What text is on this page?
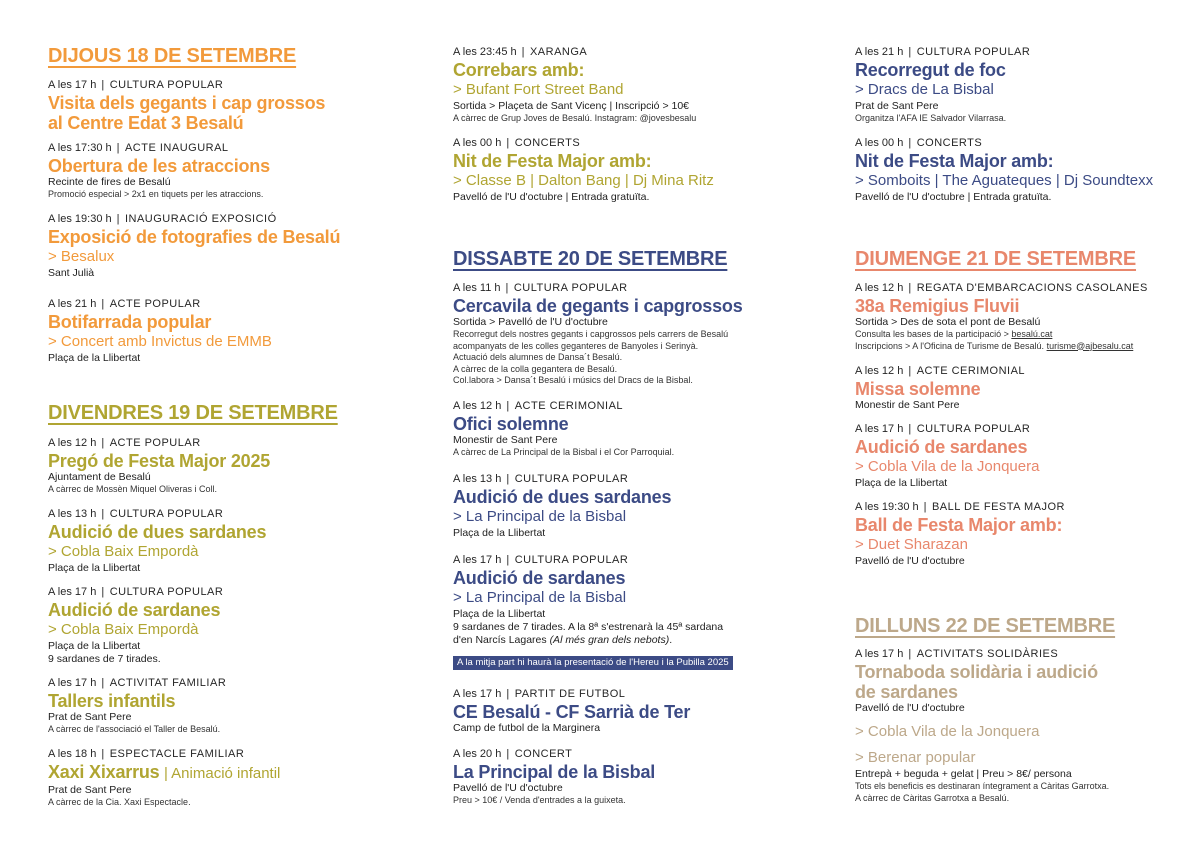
DIJOUS 18 DE SETEMBRE
A les 17 h | CULTURA POPULAR
Visita dels gegants i cap grossos
al Centre Edat 3 Besalú
A les 17:30 h | ACTE INAUGURAL
Obertura de les atraccions
Recinte de fires de Besalú
Promoció especial > 2x1 en tiquets per les atraccions.
A les 19:30 h | INAUGURACIÓ EXPOSICIÓ
Exposició de fotografies de Besalú
> Besalux
Sant Julià
A les 21 h | ACTE POPULAR
Botifarrada popular
> Concert amb Invictus de EMMB
Plaça de la Llibertat
DIVENDRES 19 DE SETEMBRE
A les 12 h | ACTE POPULAR
Pregó de Festa Major 2025
Ajuntament de Besalú
A càrrec de Mossèn Miquel Oliveras i Coll.
A les 13 h | CULTURA POPULAR
Audició de dues sardanes
> Cobla Baix Empordà
Plaça de la Llibertat
A les 17 h | CULTURA POPULAR
Audició de sardanes
> Cobla Baix Empordà
Plaça de la Llibertat
9 sardanes de 7 tirades.
A les 17 h | ACTIVITAT FAMILIAR
Tallers infantils
Prat de Sant Pere
A càrrec de l'associació el Taller de Besalú.
A les 18 h | ESPECTACLE FAMILIAR
Xaxi Xixarrus | Animació infantil
Prat de Sant Pere
A càrrec de la Cia. Xaxi Espectacle.
A les 23:45 h | XARANGA
Correbars amb:
> Bufant Fort Street Band
Sortida > Plaçeta de Sant Vicenç | Inscripció > 10€
A càrrec de Grup Joves de Besalú. Instagram: @jovesbesalu
A les 00 h | CONCERTS
Nit de Festa Major amb:
> Classe B | Dalton Bang | Dj Mina Ritz
Pavelló de l'U d'octubre | Entrada gratuïta.
DISSABTE 20 DE SETEMBRE
A les 11 h | CULTURA POPULAR
Cercavila de gegants i capgrossos
Sortida > Pavelló de l'U d'octubre
Recorregut dels nostres gegants i capgrossos pels carrers de Besalú
acompanyats de les colles geganteres de Banyoles i Serinyà.
Actuació dels alumnes de Dansa´t Besalú.
A càrrec de la colla gegantera de Besalú.
Col.labora > Dansa´t Besalú i músics del Dracs de la Bisbal.
A les 12 h | ACTE CERIMONIAL
Ofici solemne
Monestir de Sant Pere
A càrrec de La Principal de la Bisbal i el Cor Parroquial.
A les 13 h | CULTURA POPULAR
Audició de dues sardanes
> La Principal de la Bisbal
Plaça de la Llibertat
A les 17 h | CULTURA POPULAR
Audició de sardanes
> La Principal de la Bisbal
Plaça de la Llibertat
9 sardanes de 7 tirades. A la 8ª s'estrenarà la 45ª sardana
d'en Narcís Lagares (Al més gran dels nebots).
A la mitja part hi haurà la presentació de l'Hereu i la Pubilla 2025
A les 17 h | PARTIT DE FUTBOL
CE Besalú - CF Sarrià de Ter
Camp de futbol de la Marginera
A les 20 h | CONCERT
La Principal de la Bisbal
Pavelló de l'U d'octubre
Preu > 10€ / Venda d'entrades a la guixeta.
A les 21 h | CULTURA POPULAR
Recorregut de foc
> Dracs de La Bisbal
Prat de Sant Pere
Organitza l'AFA IE Salvador Vilarrasa.
A les 00 h | CONCERTS
Nit de Festa Major amb:
> Somboits | The Aguateques | Dj Soundtexx
Pavelló de l'U d'octubre | Entrada gratuïta.
DIUMENGE 21 DE SETEMBRE
A les 12 h | REGATA D'EMBARCACIONS CASOLANES
38a Remigius Fluvii
Sortida > Des de sota el pont de Besalú
Consulta les bases de la participació > besalú.cat
Inscripcions > A l'Oficina de Turisme de Besalú. turisme@ajbesalu.cat
A les 12 h | ACTE CERIMONIAL
Missa solemne
Monestir de Sant Pere
A les 17 h | CULTURA POPULAR
Audició de sardanes
> Cobla Vila de la Jonquera
Plaça de la Llibertat
A les 19:30 h | BALL DE FESTA MAJOR
Ball de Festa Major amb:
> Duet Sharazan
Pavelló de l'U d'octubre
DILLUNS 22 DE SETEMBRE
A les 17 h | ACTIVITATS SOLIDÀRIES
Tornaboda solidària i audició
de sardanes
Pavelló de l'U d'octubre
> Cobla Vila de la Jonquera
> Berenar popular
Entrepà + beguda + gelat | Preu > 8€/ persona
Tots els beneficis es destinaran íntegrament a Càritas Garrotxa.
A càrrec de Càritas Garrotxa a Besalú.
